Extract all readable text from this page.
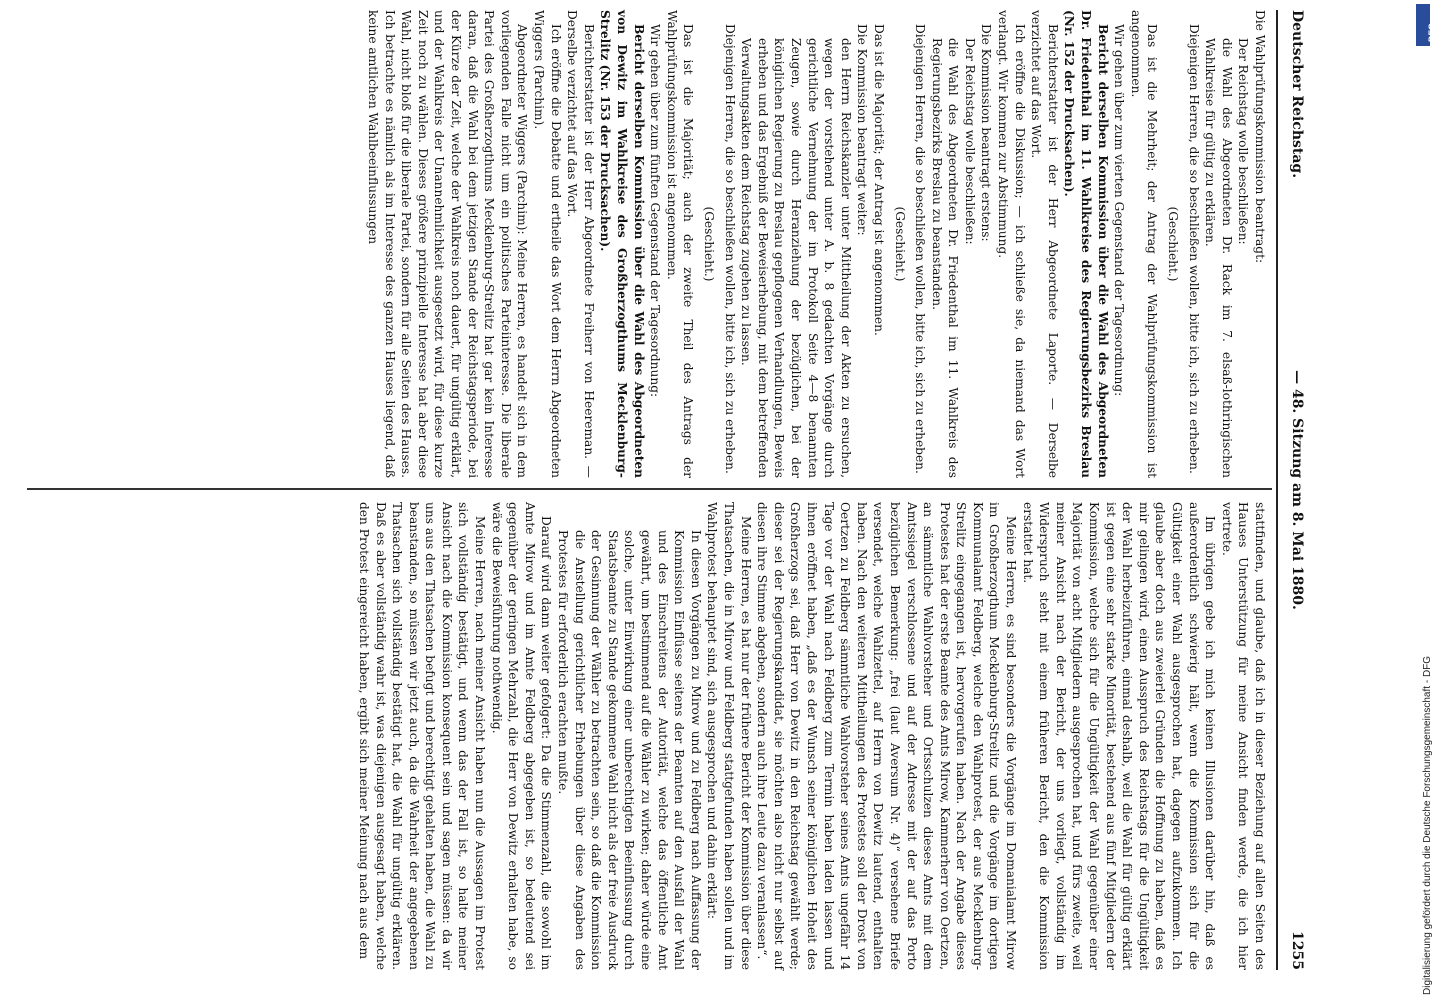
Deutscher Reichstag.
— 48. Sitzung am 8. Mai 1880.
1255

Die Wahlprüfungskommission beantragt:

Der Reichstag wolle beschließen:

die Wahl des Abgeordneten Dr. Rack im 7. elsaß-lothringischen Wahlkreise für gültig zu erklären.

Diejenigen Herren, die so beschließen wollen, bitte ich, sich zu erheben.

(Geschieht.)

Das ist die Mehrheit; der Antrag der Wahlprüfungskommission ist angenommen.

Wir gehen über zum vierten Gegenstand der Tagesordnung:

Bericht derselben Kommission über die Wahl des Abgeordneten Dr. Friedenthal im 11. Wahlkreise des Regierungsbezirks Breslau (Nr. 152 der Drucksachen).

Berichterstatter ist der Herr Abgeordnete Laporte. — Derselbe verzichtet auf das Wort.

Ich eröffne die Diskussion; — ich schließe sie, da niemand das Wort verlangt. Wir kommen zur Abstimmung.

Die Kommission beantragt erstens:

Der Reichstag wolle beschließen:

die Wahl des Abgeordneten Dr. Friedenthal im 11. Wahlkreis des Regierungsbezirks Breslau zu beanstanden.

Diejenigen Herren, die so beschließen wollen, bitte ich, sich zu erheben.

(Geschieht.)

Das ist die Majorität; der Antrag ist angenommen.

Die Kommission beantragt weiter:

den Herrn Reichskanzler unter Mittheilung der Akten zu ersuchen, wegen der vorstehend unter A. b. 8 gedachten Vorgänge durch gerichtliche Vernehmung der im Protokoll Seite 4—8 benannten Zeugen, sowie durch Heranziehung der bezüglichen, bei der königlichen Regierung zu Breslau gepflogenen Verhandlungen, Beweis erheben und das Ergebniß der Beweiserhebung, mit dem betreffenden Verwaltungsakten dem Reichstag zugehen zu lassen.

Diejenigen Herren, die so beschließen wollen, bitte ich, sich zu erheben.

(Geschieht.)

Das ist die Majorität; auch der zweite Theil des Antrags der Wahlprüfungskommission ist angenommen.

Wir gehen über zum fünften Gegenstand der Tagesordnung:

Bericht derselben Kommission über die Wahl des Abgeordneten von Dewitz im Wahlkreise des Großherzogthums Mecklenburg-Strelitz (Nr. 153 der Drucksachen).

Berichterstatter ist der Herr Abgeordnete Freiherr von Heereman. — Derselbe verzichtet auf das Wort.

Ich eröffne die Debatte und ertheile das Wort dem Herrn Abgeordneten Wiggers (Parchim).

Abgeordneter Wiggers (Parchim): Meine Herren, es handelt sich in dem vorliegenden Falle nicht um ein politisches Parteiinteresse. Die liberale Partei des Großherzogthums Mecklenburg-Strelitz hat gar kein Interesse daran, daß die Wahl bei dem jetzigen Stande der Reichstagsperiode, bei der Kürze der Zeit, welche der Wahlkreis noch dauert, für ungültig erklärt, und der Wahlkreis der Unannehmlichkeit ausgesetzt wird, für diese kurze Zeit noch zu wählen. Dieses größere prinzipielle Interesse hat aber diese Wahl, nicht bloß für die liberale Partei, sondern für alle Seiten des Hauses. Ich betrachte es nämlich als im Interesse des ganzen Hauses liegend, daß keine amtlichen Wahlbeeinflussungen

stattfinden, und glaube, daß ich in dieser Beziehung auf allen Seiten des Hauses Unterstützung für meine Ansicht finden werde, die ich hier vertrete.

Im übrigen gebe ich mich keinen Illusionen darüber hin, daß es außerordentlich schwierig hält, wenn die Kommission sich für die Gültigkeit einer Wahl ausgesprochen hat, dagegen aufzukommen. Ich glaube aber doch aus zweierlei Gründen die Hoffnung zu haben, daß es mir gelingen wird, einen Ausspruch des Reichstags für die Ungültigkeit der Wahl herbeizuführen, einmal deshalb, weil die Wahl für gültig erklärt ist gegen eine sehr starke Minorität, bestehend aus fünf Mitgliedern der Kommission, welche sich für die Ungültigkeit der Wahl gegenüber einer Majorität von acht Mitgliedern ausgesprochen hat, und fürs zweite, weil meiner Ansicht nach der Bericht, der uns vorliegt, vollständig im Widerspruch steht mit einem früheren Bericht, den die Kommission erstattet hat.

Meine Herren, es sind besonders die Vorgänge im Domanialamt Mirow im Großherzogthum Mecklenburg-Strelitz und die Vorgänge im dortigen Kommunalamt Feldberg, welche den Wahlprotest, der aus Mecklenburg-Strelitz eingegangen ist, hervorgerufen haben. Nach der Angabe dieses Protestes hat der erste Beamte des Amts Mirow, Kammerherr von Oertzen, an sämmtliche Wahlvorsteher und Ortsschulzen dieses Amts mit dem Amtssiegel verschlossene und auf der Adresse mit der auf das Porto bezüglichen Bemerkung: „frei (laut Aversum Nr. 4)“ versehene Briefe versendet, welche Wahlzettel, auf Herrn von Dewitz lautend, enthalten haben. Nach den weiteren Mittheilungen des Protestes soll der Drost von Oertzen zu Feldberg sämmtliche Wahlvorsteher seines Amts ungefähr 14 Tage vor der Wahl nach Feldberg zum Termin haben laden lassen und ihnen eröffnet haben, „daß es der Wunsch seiner königlichen Hoheit des Großherzogs sei, daß Herr von Dewitz in den Reichstag gewählt werde; dieser sei der Regierungskandidat, sie möchten also nicht nur selbst auf diesen ihre Stimme abgeben, sondern auch ihre Leute dazu veranlassen“.

Meine Herren, es hat nur der frühere Bericht der Kommission über diese Thatsachen, die in Mirow und Feldberg stattgefunden haben sollen und im Wahlprotest behauptet sind, sich ausgesprochen und dahin erklärt:

In diesen Vorgängen zu Mirow und zu Feldberg nach Auffassung der Kommission Einflüsse seitens der Beamten auf den Ausfall der Wahl und des Einschreitens der Autorität, welche das öffentliche Amt gewährt, um bestimmend auf die Wähler zu wirken; daher würde eine solche, unter Einwirkung einer unberechtigten Beeinflussung durch Staatsbeamte zu Stande gekommene Wahl nicht als der freie Ausdruck der Gesinnung der Wähler zu betrachten sein, so daß die Kommission die Anstellung gerichtlicher Erhebungen über diese Angaben des Protestes für erforderlich erachten mußte.

Darauf wird dann weiter gefolgert: Da die Stimmenzahl, die sowohl im Amte Mirow und im Amte Feldberg abgegeben ist, so bedeutend sei gegenüber der geringen Mehrzahl, die Herr von Dewitz erhalten habe, so wäre die Beweisführung nothwendig.

Meine Herren, nach meiner Ansicht haben nun die Aussagen im Protest sich vollständig bestätigt, und wenn das der Fall ist, so halte meiner Ansicht nach die Kommission konsequent sein und sagen müssen: da wir uns aus den Thatsachen befugt und berechtigt gehalten haben, die Wahl zu beanstanden, so müssen wir jetzt auch, da die Wahrheit der angegebenen Thatsachen sich vollständig bestätigt hat, die Wahl für ungültig erklären. Daß es aber vollständig wahr ist, was diejenigen ausgesagt haben, welche den Protest eingereicht haben, ergibt sich meiner Meinung nach aus dem	Digitalisierung gefördert durch die Deutsche Forschungsgemeinschaft - DFG
DFG
